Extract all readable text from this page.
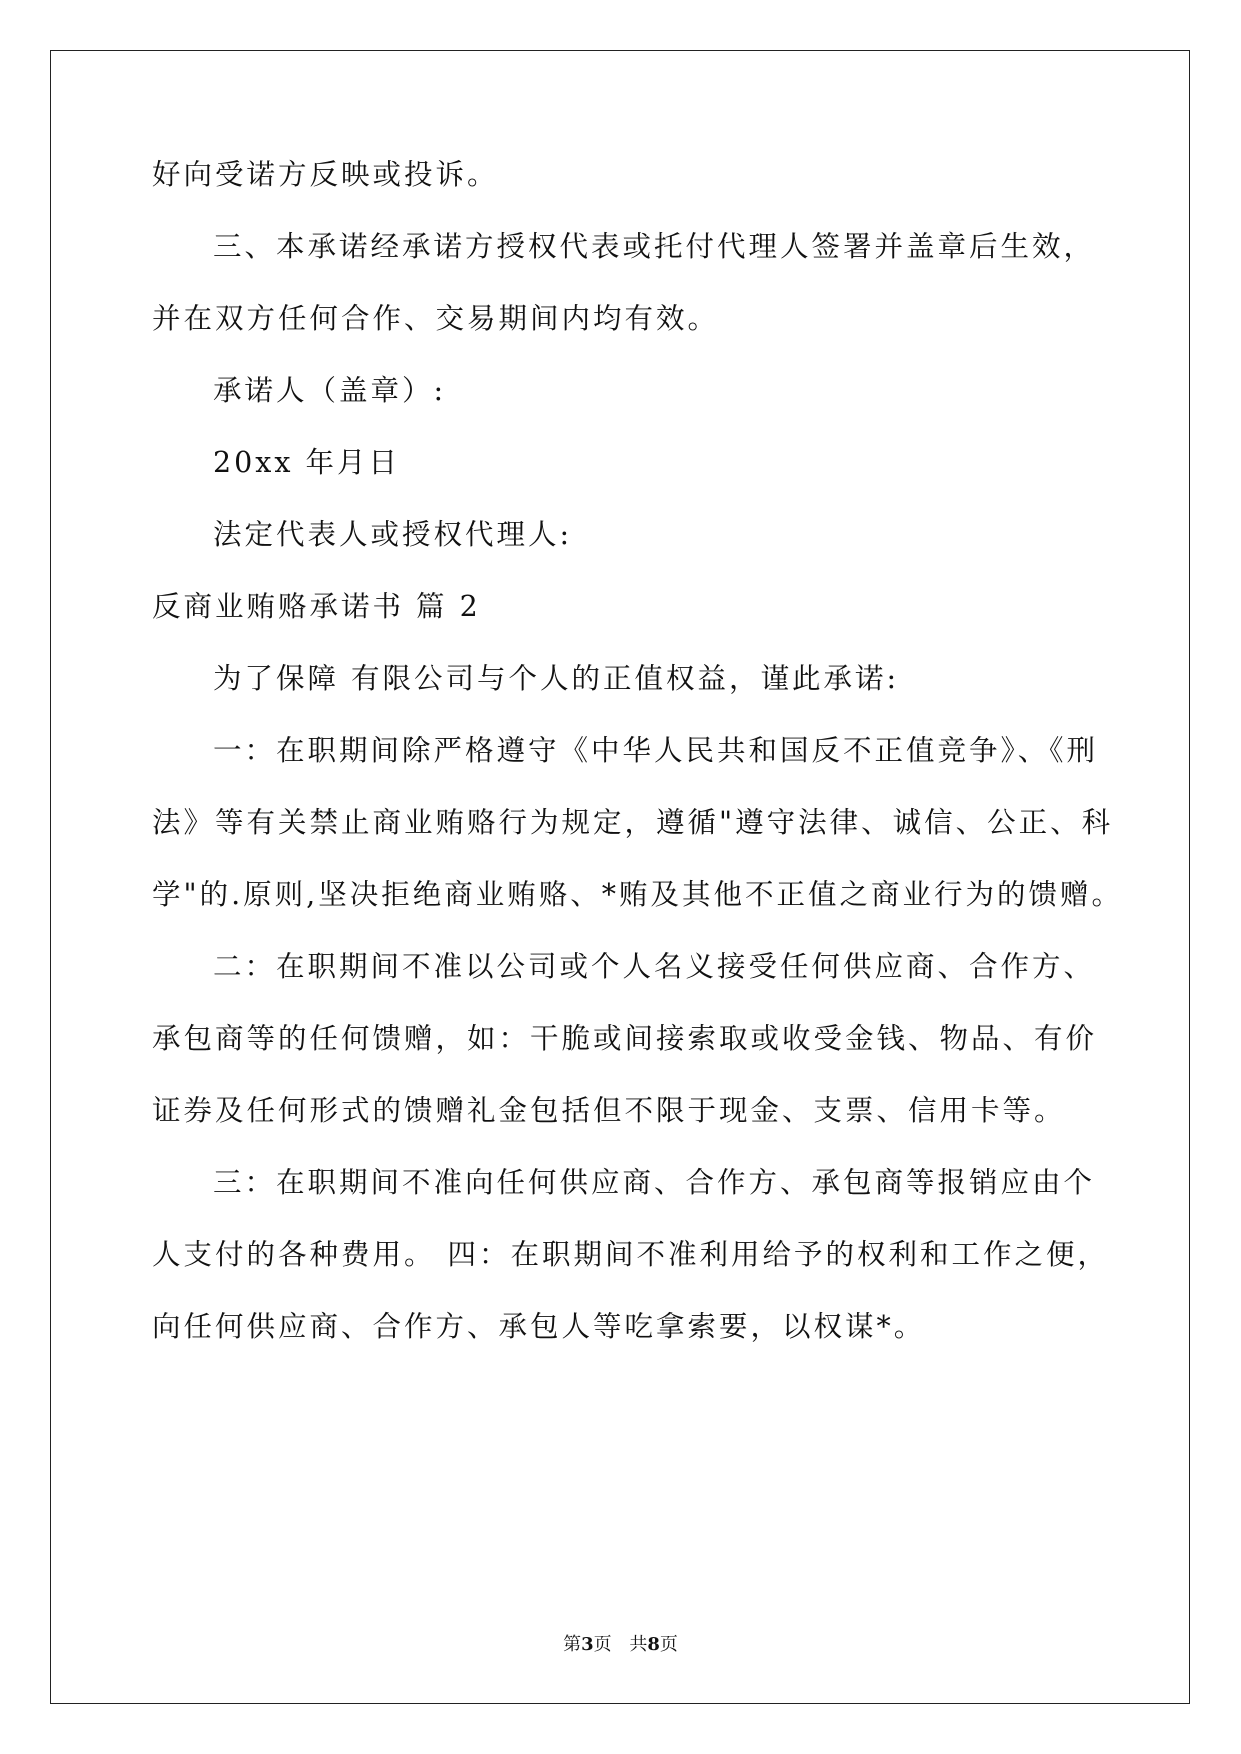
好向受诺方反映或投诉。
三、本承诺经承诺方授权代表或托付代理人签署并盖章后生效，
并在双方任何合作、交易期间内均有效。
承诺人（盖章）:
20xx 年月日
法定代表人或授权代理人:
反商业贿赂承诺书 篇 2
为了保障 有限公司与个人的正值权益，谨此承诺:
一：在职期间除严格遵守《中华人民共和国反不正值竞争》、《刑
法》等有关禁止商业贿赂行为规定，遵循"遵守法律、诚信、公正、科
学"的.原则,坚决拒绝商业贿赂、*贿及其他不正值之商业行为的馈赠。
二：在职期间不准以公司或个人名义接受任何供应商、合作方、
承包商等的任何馈赠，如：干脆或间接索取或收受金钱、物品、有价
证券及任何形式的馈赠礼金包括但不限于现金、支票、信用卡等。
三：在职期间不准向任何供应商、合作方、承包商等报销应由个
人支付的各种费用。 四：在职期间不准利用给予的权利和工作之便，
向任何供应商、合作方、承包人等吃拿索要，以权谋*。
第3页 共8页
